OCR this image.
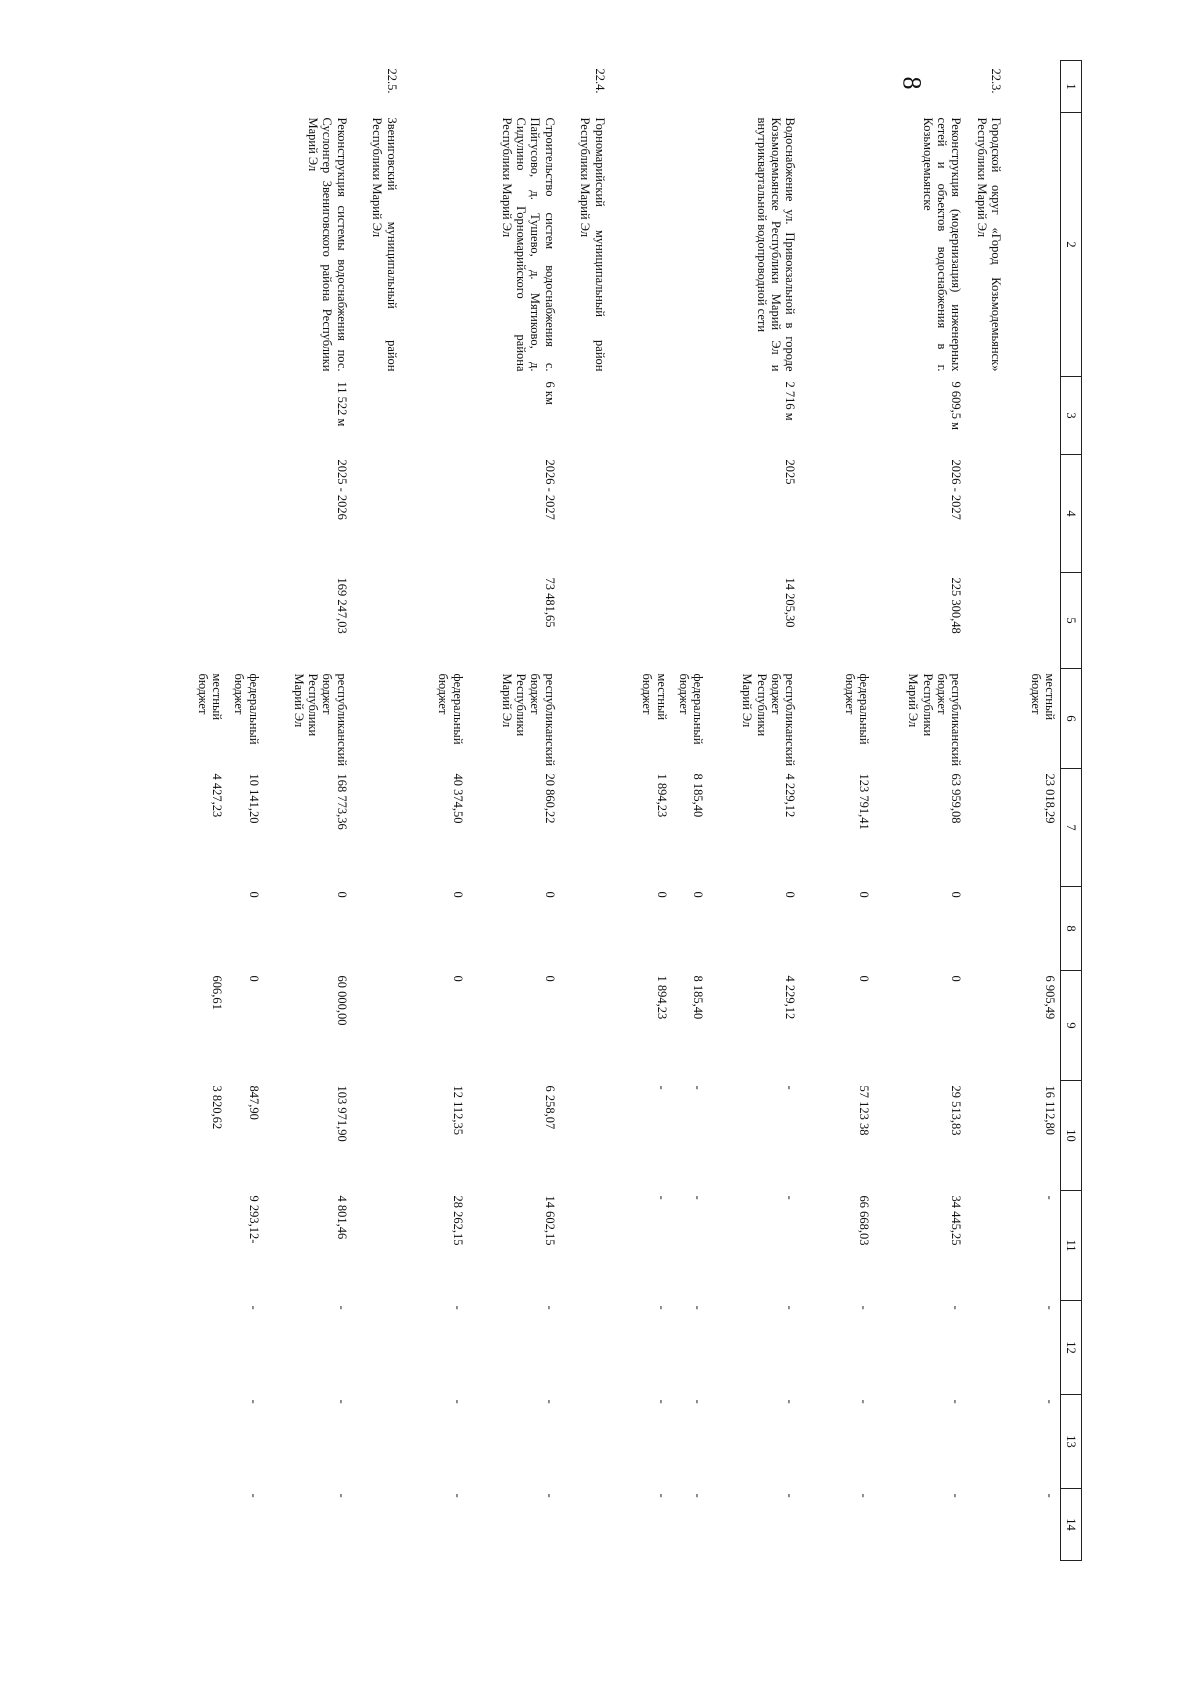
8	1	2	3	4	5	6	7	8	9	10	11	12	13	14
					местный бюджет	23 018,29		6 905,49	16 112,80	-	-	-	-
22.3.	Городской округ «Город Козьмодемьянск» Республики Марий Эл												
	Реконструкция (модернизация) инженерных сетей и объектов водоснабжения в г. Козьмодемьянске	9 609,5 м	2026 - 2027	225 300,48	республиканский бюджет Республики Марий Эл	63 959,08	0	0	29 513,83	34 445,25	-	-	-
					федеральный бюджет	123 791,41	0	0	57 123 38	66 668,03	-	-	-
	Водоснабжение ул. Привокзальной в городе Козьмодемьянске Республики Марий Эл и внутриквартальной водопроводной сети	2 716 м	2025	14 205,30	республиканский бюджет Республики Марий Эл	4 229,12	0	4 229,12	-	-	-	-	-
					федеральный бюджет	8 185,40	0	8 185,40	-	-	-	-	-
					местный бюджет	1 894,23	0	1 894,23	-	-	-	-	-
22.4.	Горномарийский муниципальный район Республики Марий Эл												
	Строительство систем водоснабжения с. Пайгусово, д. Тушево, д. Мятиково, д. Сидулино Горномарийского района Республики Марий Эл	6 км	2026 - 2027	73 481,65	республиканский бюджет Республики Марий Эл	20 860,22	0	0	6 258,07	14 602,15	-	-	-
					федеральный бюджет	40 374,50	0	0	12 112,35	28 262,15	-	-	-
22.5.	Звениговский муниципальный район Республики Марий Эл												
	Реконструкция системы водоснабжения пос. Суслонгер Звениговского района Республики Марий Эл	11 522 м	2025 - 2026	169 247,03	республиканский бюджет Республики Марий Эл	168 773,36	0	60 000,00	103 971,90	4 801,46	-	-	-
					федеральный бюджет	10 141,20	0	0	847,90	9 293,12-	-	-	-
					местный бюджет	4 427,23		606,61	3 820,62				
